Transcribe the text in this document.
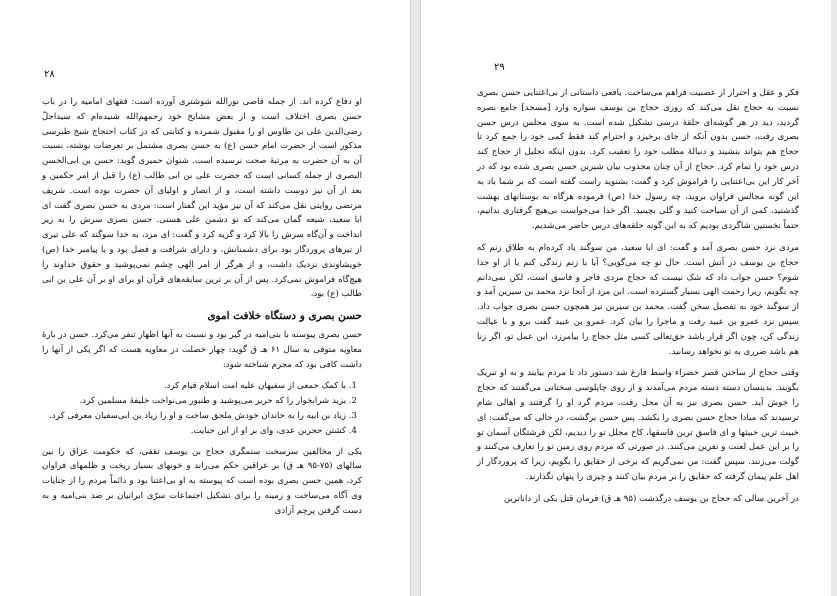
۲۸

او دفاع کرده اند. از جمله قاضی نورالله شوشتری آورده است: فقهای امامیه را در باب حسن بصری اختلاف است و از بعض مشایخ خود رحمهم‌الله شنیده‌ام که سیداجلّ رضی‌الدین علی بن طاوس او را مقبول شمرده و کتابتی که در کتاب احتجاج شیخ طبرسی مذکور است از حضرت امام حسن (ع) به حسن بصری مشتمل بر تعرضات نوشته، نسبت آن به آن حضرت به مرتبهٔ صحت نرسیده است. شنوان حمیری گوید: حسن بن ابی‌الحسن البصری از جمله کسانی است که حضرت علی بن ابی طالب (ع) را قبل از امر حکمین و بعد از آن نیز دوست داشته است، و از انصار و اولیای آن حضرت بوده است. شریف مرتضی روایتی نقل می‌کند که آن نیز مؤید این گفتار است: مردی به حسن بصری گفت ای ابا سعید، شیعه گمان می‌کند که تو دشمن علی هستی. حسن بصری سرش را به زیر انداخت و آن‌گاه سرش را بالا کرد و گریه کرد و گفت: ای مرد، به خدا سوگند که علی تیری از تیرهای پروردگار بود برای دشمنانش، و دارای شرافت و فضل بود و با پیامبر خدا (ص) خویشاوندی نزدیک داشت، و از هرگز از امر الهی چشم نمی‌پوشید و حقوق خداوند را هیچ‌گاه فراموش نمی‌کرد. پس از آن بر ترین سابقه‌های قرآن او برای او بر آن علی بن ابی طالب (ع) بود.

حسن بصری و دستگاه خلافت اموی

حسن بصری پیوسته با بنی‌امیه در گیر بود و نسبت به آنها اظهار تنفر می‌کرد. حسن در بارهٔ معاویه متوفی به سال ۶۱ هـ ق گوید: چهار خصلت در معاویه هست که اگر یکی از آنها را داشت کافی بود که مجرم شناخته شود:

1. با کمک جمعی از سفیهان علیه امت اسلام قیام کرد.
2. یزید شرابخوار را که حریر می‌پوشید و طنبور می‌نواخت خلیفهٔ مسلمین کرد.
3. زیاد بن ابیه را به خاندان خودش ملحق ساخت و او را زیاد بن ابی‌سفیان معرفی کرد.
4. کشتن حجربن عدی، وای بر او از این جنایت.

یکی از مخالفین سرسخت ستمگری حجاج بن یوسف ثقفی، که حکومت عراق را بین سالهای (۷۵-۹۵ هـ ق) بر عراقین حکم می‌راند و خونهای بسیار ریخت و ظلمهای فراوان کرد، همین حسن بصری بوده است که پیوسته به او بی‌اعتنا بود و دائماً مردم را از جنایات وی آگاه می‌ساخت و زمینه را برای تشکیل اجتماعات سرّی ایرانیان بر ضد بنی‌امیه و به دست گرفتن پرچم آزادی

۲۹

فکر و عقل و احتراز از عصبیت فراهم می‌ساخت. یافعی داستانی از بی‌اعتنایی حسن بصری نسبت به حجاج نقل می‌کند که روزی حجاج بن یوسف سواره وارد [مسجد] جامع بصره گردید، دید در هر گوشه‌ای حلقهٔ درسی تشکیل شده است. به سوی مجلس درس حسن بصری رفت، حسن بدون آنکه از جای برخیزد و احترام کند فقط کمی خود را جمع کرد تا حجاج هم بتواند بنشیند و دنبالهٔ مطلب خود را تعقیب کرد. بدون اینکه تجلیل از حجاج کند درس خود را تمام کرد. حجاج از آن چنان مجذوب بیان شیرین حسن بصری شده بود که در آخر کار این بی‌اعتنایی را فراموش کرد و گفت: بشنوید راست گفته است که بر شما باد به این گونه مجالس فراوان بروید، چه رسول خدا (ص) فرموده هرگاه به بوستانهای بهشت گذشتید، کمی از آن سیاحت کنید و گلی بچینید. اگر خدا می‌خواست بی‌هیچ گرفتاری ندانیم، حتماً نخستین شاگردی بودیم که به این گونه حلقه‌های درس حاضر می‌شدیم.

مردی نزد حسن بصری آمد و گفت: ای ابا سعید، من سوگند یاد کرده‌ام به طلاق زنم که حجاج بن یوسف در آتش است. حال تو چه می‌گویی؟ آیا با زنم زندگی کنم یا از او جدا شوم؟ حسن جواب داد که شک نیست که حجاج مردی فاجر و فاسق است، لکن نمی‌دانم چه بگویم، زیرا رحمت الهی بسیار گسترده است. این مرد از آنجا نزد محمد بن سیرین آمد و از سوگند خود به تفصیل سخن گفت. محمد بن سیرین نیز همچون حسن بصری جواب داد. سپس نزد عمرو بن عبید رفت و ماجرا را بیان کرد. عمرو بن عبید گفت برو و با عیالت زندگی کن، چون اگر قرار باشد حق‌تعالی کسی مثل حجاج را بیامرزد، این عمل تو، اگر زنا هم باشد ضرری به تو نخواهد رسانید.

وقتی حجاج از ساختن قصر خضراء واسط فارغ شد دستور داد تا مردم بیایند و به او تبریک بگویند. بدینسان دسته دسته مردم می‌آمدند و از روی چاپلوسی سخنانی می‌گفتند که حجاج را خوش آید. حسن بصری نیز به آن محل رفت. مردم گرد او را گرفتند و اهالی شام ترسیدند که مبادا حجاج حسن بصری را بکشد. پس حسن برگشت، در حالی که می‌گفت: ای خبیث ترین خبیثها و ای فاسق ترین فاسقها، کاخ مجلل تو را دیدیم، لکن فرشتگان آسمان تو را بر این عمل لعنت و نفرین می‌کنند. در صورتی که مردم روی زمین تو را تعارف می‌کنند و گولت می‌زنند. سپس گفت: من نمی‌گریم که برخی از حقایق را بگویم، زیرا که پروردگار از اهل علم پیمان گرفته که حقایق را بر مردم بیان کنند و چیزی را پنهان نگذارند.

در آخرین سالی که حجاج بن یوسف درگذشت (۹۵ هـ ق) فرمان قتل یکی از داناترین
